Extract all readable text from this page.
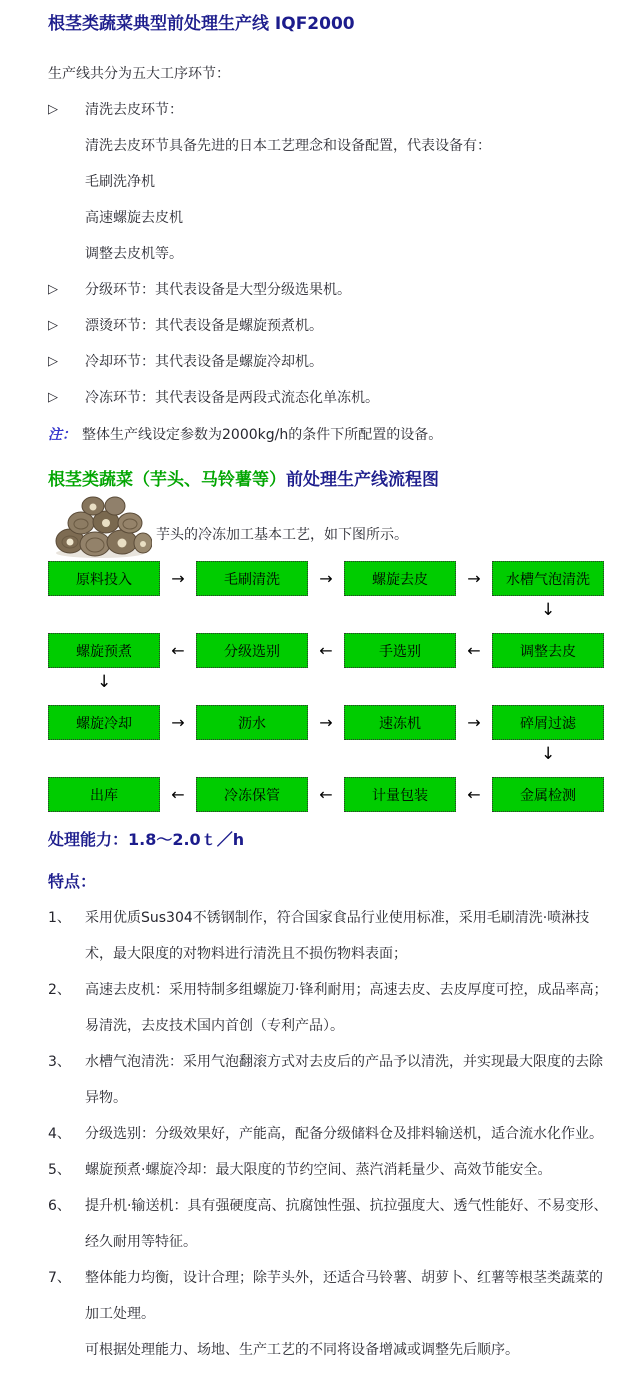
根茎类蔬菜典型前处理生产线 IQF2000

生产线共分为五大工序环节：

▷	清洗去皮环节：
清洗去皮环节具备先进的日本工艺理念和设备配置，代表设备有：
毛刷洗净机
高速螺旋去皮机
调整去皮机等。
▷	分级环节：其代表设备是大型分级选果机。
▷	漂烫环节：其代表设备是螺旋预煮机。
▷	冷却环节：其代表设备是螺旋冷却机。
▷	冷冻环节：其代表设备是两段式流态化单冻机。

注： 整体生产线设定参数为2000kg/h的条件下所配置的设备。

根茎类蔬菜（芋头、马铃薯等）前处理生产线流程图
芋头的冷冻加工基本工艺，如下图所示。
原料投入	→	毛刷清洗	→	螺旋去皮	→	水槽气泡清洗
↓
螺旋预煮	←	分级选别	←	手选别	←	调整去皮
↓
螺旋冷却	→	沥水	→	速冻机	→	碎屑过滤
↓
出库	←	冷冻保管	←	计量包装	←	金属检测
处理能力：1.8～2.0ｔ／h
特点：
1、 采用优质Sus304不锈钢制作，符合国家食品行业使用标准，采用毛刷清洗·喷淋技术，最大限度的对物料进行清洗且不损伤物料表面；
2、 高速去皮机：采用特制多组螺旋刀·锋利耐用；高速去皮、去皮厚度可控，成品率高；易清洗，去皮技术国内首创（专利产品）。
3、 水槽气泡清洗：采用气泡翻滚方式对去皮后的产品予以清洗，并实现最大限度的去除异物。
4、 分级选别：分级效果好，产能高，配备分级储料仓及排料输送机，适合流水化作业。
5、 螺旋预煮·螺旋冷却：最大限度的节约空间、蒸汽消耗量少、高效节能安全。
6、 提升机·输送机：具有强硬度高、抗腐蚀性强、抗拉强度大、透气性能好、不易变形、经久耐用等特征。
7、 整体能力均衡，设计合理；除芋头外，还适合马铃薯、胡萝卜、红薯等根茎类蔬菜的加工处理。
可根据处理能力、场地、生产工艺的不同将设备增减或调整先后顺序。
